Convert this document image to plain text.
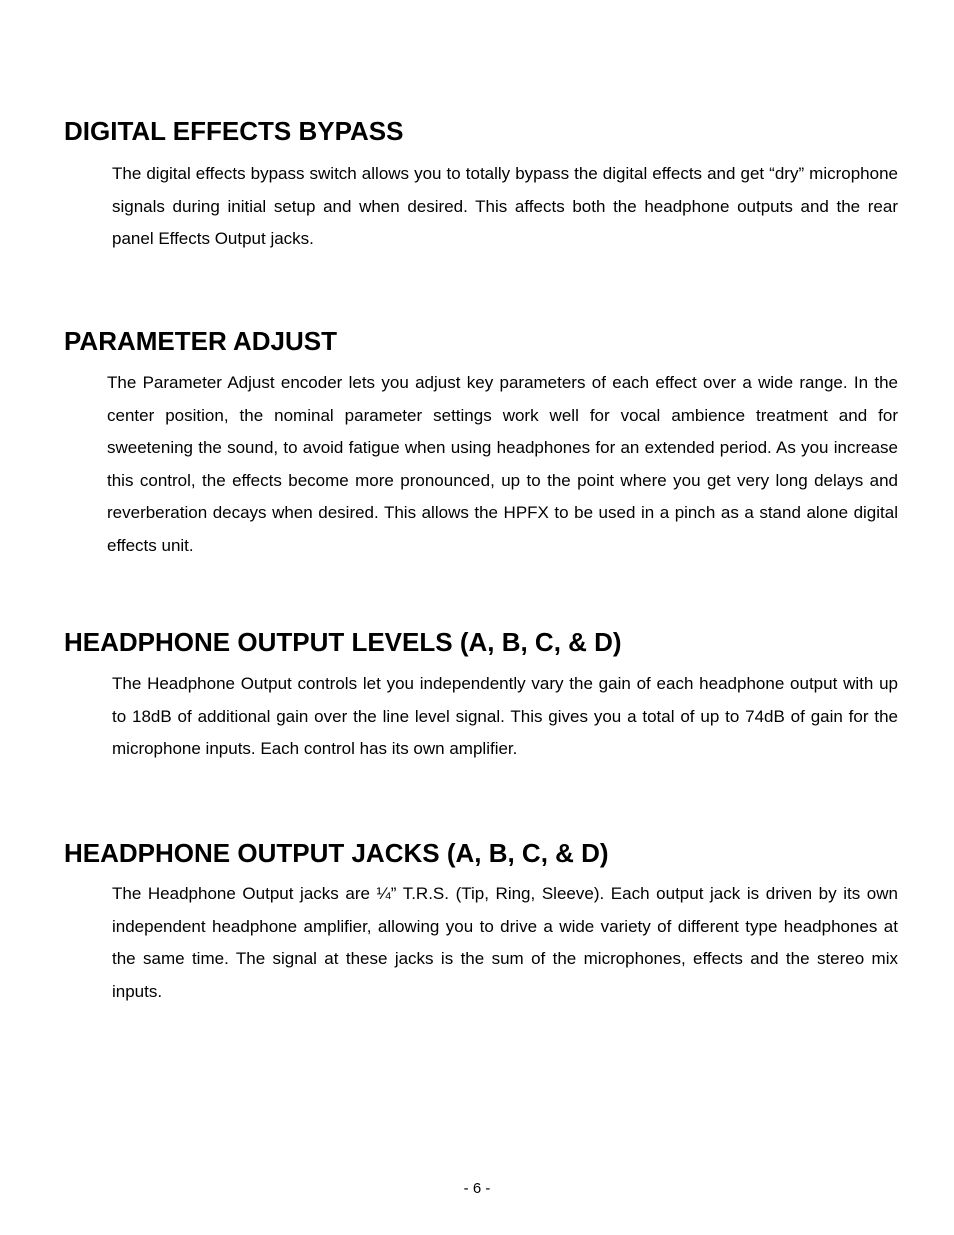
DIGITAL EFFECTS BYPASS

The digital effects bypass switch allows you to totally bypass the digital effects and get “dry” microphone signals during initial setup and when desired. This affects both the headphone outputs and the rear panel Effects Output jacks.

PARAMETER ADJUST

The Parameter Adjust encoder lets you adjust key parameters of each effect over a wide range. In the center position, the nominal parameter settings work well for vocal ambience treatment and for sweetening the sound, to avoid fatigue when using headphones for an extended period. As you increase this control, the effects become more pronounced, up to the point where you get very long delays and reverberation decays when desired. This allows the HPFX to be used in a pinch as a stand alone digital effects unit.

HEADPHONE OUTPUT LEVELS (A, B, C, & D)

The Headphone Output controls let you independently vary the gain of each headphone output with up to 18dB of additional gain over the line level signal. This gives you a total of up to 74dB of gain for the microphone inputs. Each control has its own amplifier.

HEADPHONE OUTPUT JACKS (A, B, C, & D)

The Headphone Output jacks are ¼” T.R.S. (Tip, Ring, Sleeve). Each output jack is driven by its own independent headphone amplifier, allowing you to drive a wide variety of different type headphones at the same time. The signal at these jacks is the sum of the microphones, effects and the stereo mix inputs.

- 6 -
